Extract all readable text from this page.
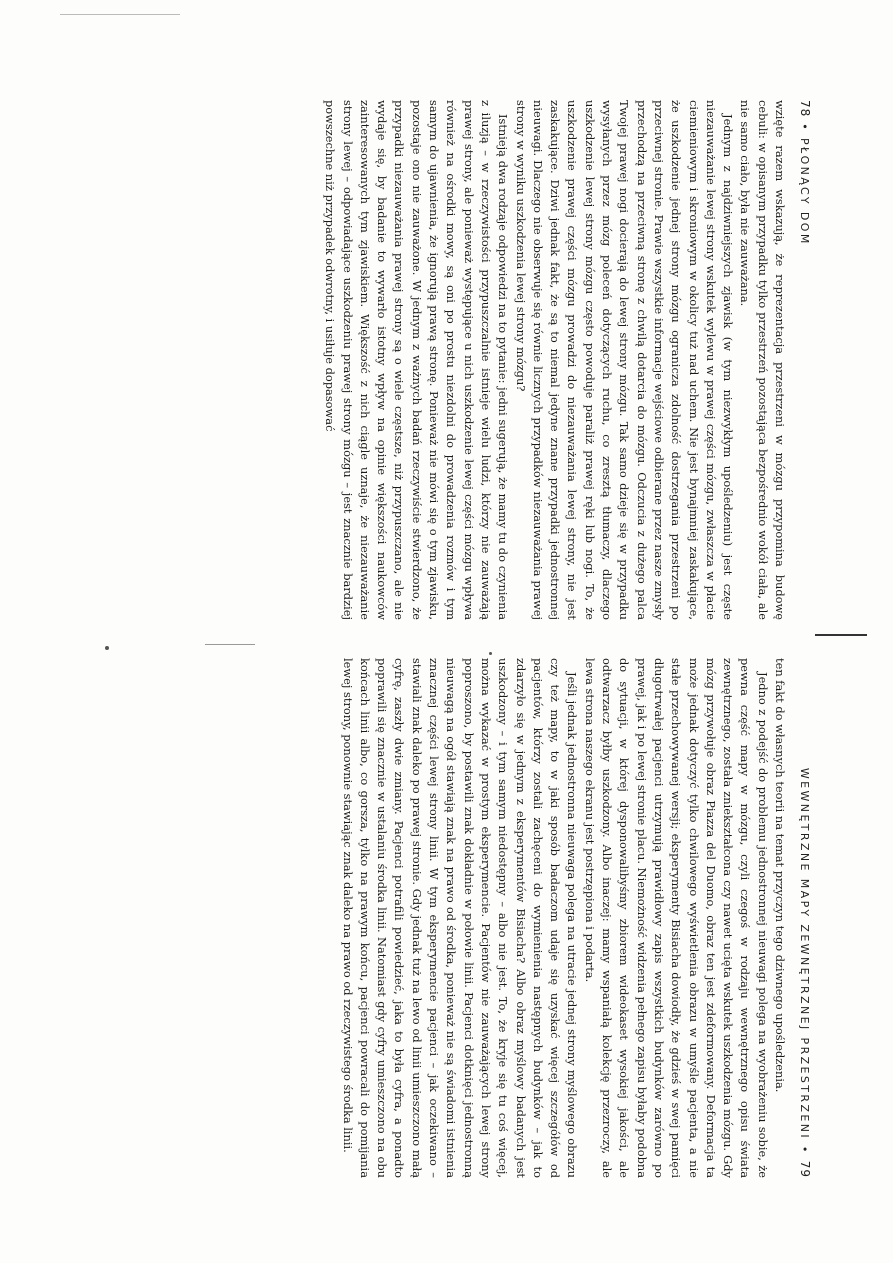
78 • PŁONĄCY DOM

wzięte razem wskazują, że reprezentacja przestrzeni w mózgu przypomina budowę cebuli: w opisanym przypadku tylko przestrzeń pozostająca bezpośrednio wokół ciała, ale nie samo ciało, była nie zauważana.

Jednym z najdziwniejszych zjawisk (w tym niezwykłym upośledzeniu) jest częste niezauważanie lewej strony wskutek wylewu w prawej części mózgu, zwłaszcza w płacie ciemieniowym i skroniowym w okolicy tuż nad uchem. Nie jest bynajmniej zaskakujące, że uszkodzenie jednej strony mózgu ogranicza zdolność dostrzegania przestrzeni po przeciwnej stronie. Prawie wszystkie informacje wejściowe odbierane przez nasze zmysły przechodzą na przeciwną stronę z chwilą dotarcia do mózgu. Odczucia z dużego palca Twojej prawej nogi docierają do lewej strony mózgu. Tak samo dzieje się w przypadku wysyłanych przez mózg poleceń dotyczących ruchu, co zresztą tłumaczy, dlaczego uszkodzenie lewej strony mózgu często powoduje paraliż prawej ręki lub nogi. To, że uszkodzenie prawej części mózgu prowadzi do niezauważania lewej strony, nie jest zaskakujące. Dziwi jednak fakt, że są to niemal jedyne znane przypadki jednostronnej nieuwagi. Dlaczego nie obserwuje się równie licznych przypadków niezauważania prawej strony w wyniku uszkodzenia lewej strony mózgu?

Istnieją dwa rodzaje odpowiedzi na to pytanie: jedni sugerują, że mamy tu do czynienia z iluzją – w rzeczywistości przypuszczalnie istnieje wielu ludzi, którzy nie zauważają prawej strony, ale ponieważ występujące u nich uszkodzenie lewej części mózgu wpływa również na ośrodki mowy, są oni po prostu niezdolni do prowadzenia rozmów i tym samym do ujawnienia, że ignorują prawą stronę. Ponieważ nie mówi się o tym zjawisku, pozostaje ono nie zauważone. W jednym z ważnych badań rzeczywiście stwierdzono, że przypadki niezauważania prawej strony są o wiele częstsze, niż przypuszczano, ale nie wydaje się, by badanie to wywarło istotny wpływ na opinie większości naukowców zainteresowanych tym zjawiskiem. Większość z nich ciągle uznaje, że niezauważanie strony lewej – odpowiadające uszkodzeniu prawej strony mózgu – jest znacznie bardziej powszechne niż przypadek odwrotny, i usiłuje dopasować

WEWNĘTRZNE MAPY ZEWNĘTRZNEJ PRZESTRZENI • 79

ten fakt do własnych teorii na temat przyczyn tego dziwnego upośledzenia.

Jedno z podejść do problemu jednostronnej nieuwagi polega na wyobrażeniu sobie, że pewna część mapy w mózgu, czyli czegoś w rodzaju wewnętrznego opisu świata zewnętrznego, została zniekształcona czy nawet ucięta wskutek uszkodzenia mózgu. Gdy mózg przywołuje obraz Piazza del Duomo, obraz ten jest zdeformowany. Deformacja ta może jednak dotyczyć tylko chwilowego wyświetlenia obrazu w umyśle pacjenta, a nie stałe przechowywanej wersji; eksperymenty Bisiacha dowiodły, że gdzieś w swej pamięci długotrwałej pacjenci utrzymują prawidłowy zapis wszystkich budynków zarówno po prawej, jak i po lewej stronie placu. Niemożność widzenia pełnego zapisu byłaby podobna do sytuacji, w której dysponowalibyśmy zbiorem wideokaset wysokiej jakości, ale odtwarzacz byłby uszkodzony. Albo inaczej: mamy wspaniałą kolekcję przezroczy, ale lewa strona naszego ekranu jest postrzępiona i podarta.

Jeśli jednak jednostronna nieuwaga polega na utracie jednej strony myślowego obrazu czy też mapy, to w jaki sposób badaczom udaje się uzyskać więcej szczegółów od pacjentów, którzy zostali zachęceni do wymienienia następnych budynków – jak to zdarzyło się w jednym z eksperymentów Bisiacha? Albo obraz myślowy badanych jest uszkodzony – i tym samym niedostępny – albo nie jest. To, że kryje się tu coś więcej, można wykazać w prostym eksperymencie. Pacjentów nie zauważających lewej strony poproszono, by postawili znak dokładnie w połowie linii. Pacjenci dotknięci jednostronną nieuwagą na ogół stawiają znak na prawo od środka, ponieważ nie są świadomi istnienia znacznej części lewej strony linii. W tym eksperymencie pacjenci – jak oczekiwano – stawiali znak daleko po prawej stronie. Gdy jednak tuż na lewo od linii umieszczono małą cyfrę, zaszły dwie zmiany. Pacjenci potrafili powiedzieć, jaka to była cyfra, a ponadto poprawili się znacznie w ustalaniu środka linii. Natomiast gdy cyfry umieszczono na obu końcach linii albo, co gorsza, tylko na prawym końcu, pacjenci powracali do pomijania lewej strony, ponownie stawiając znak daleko na prawo od rzeczywistego środka linii.
